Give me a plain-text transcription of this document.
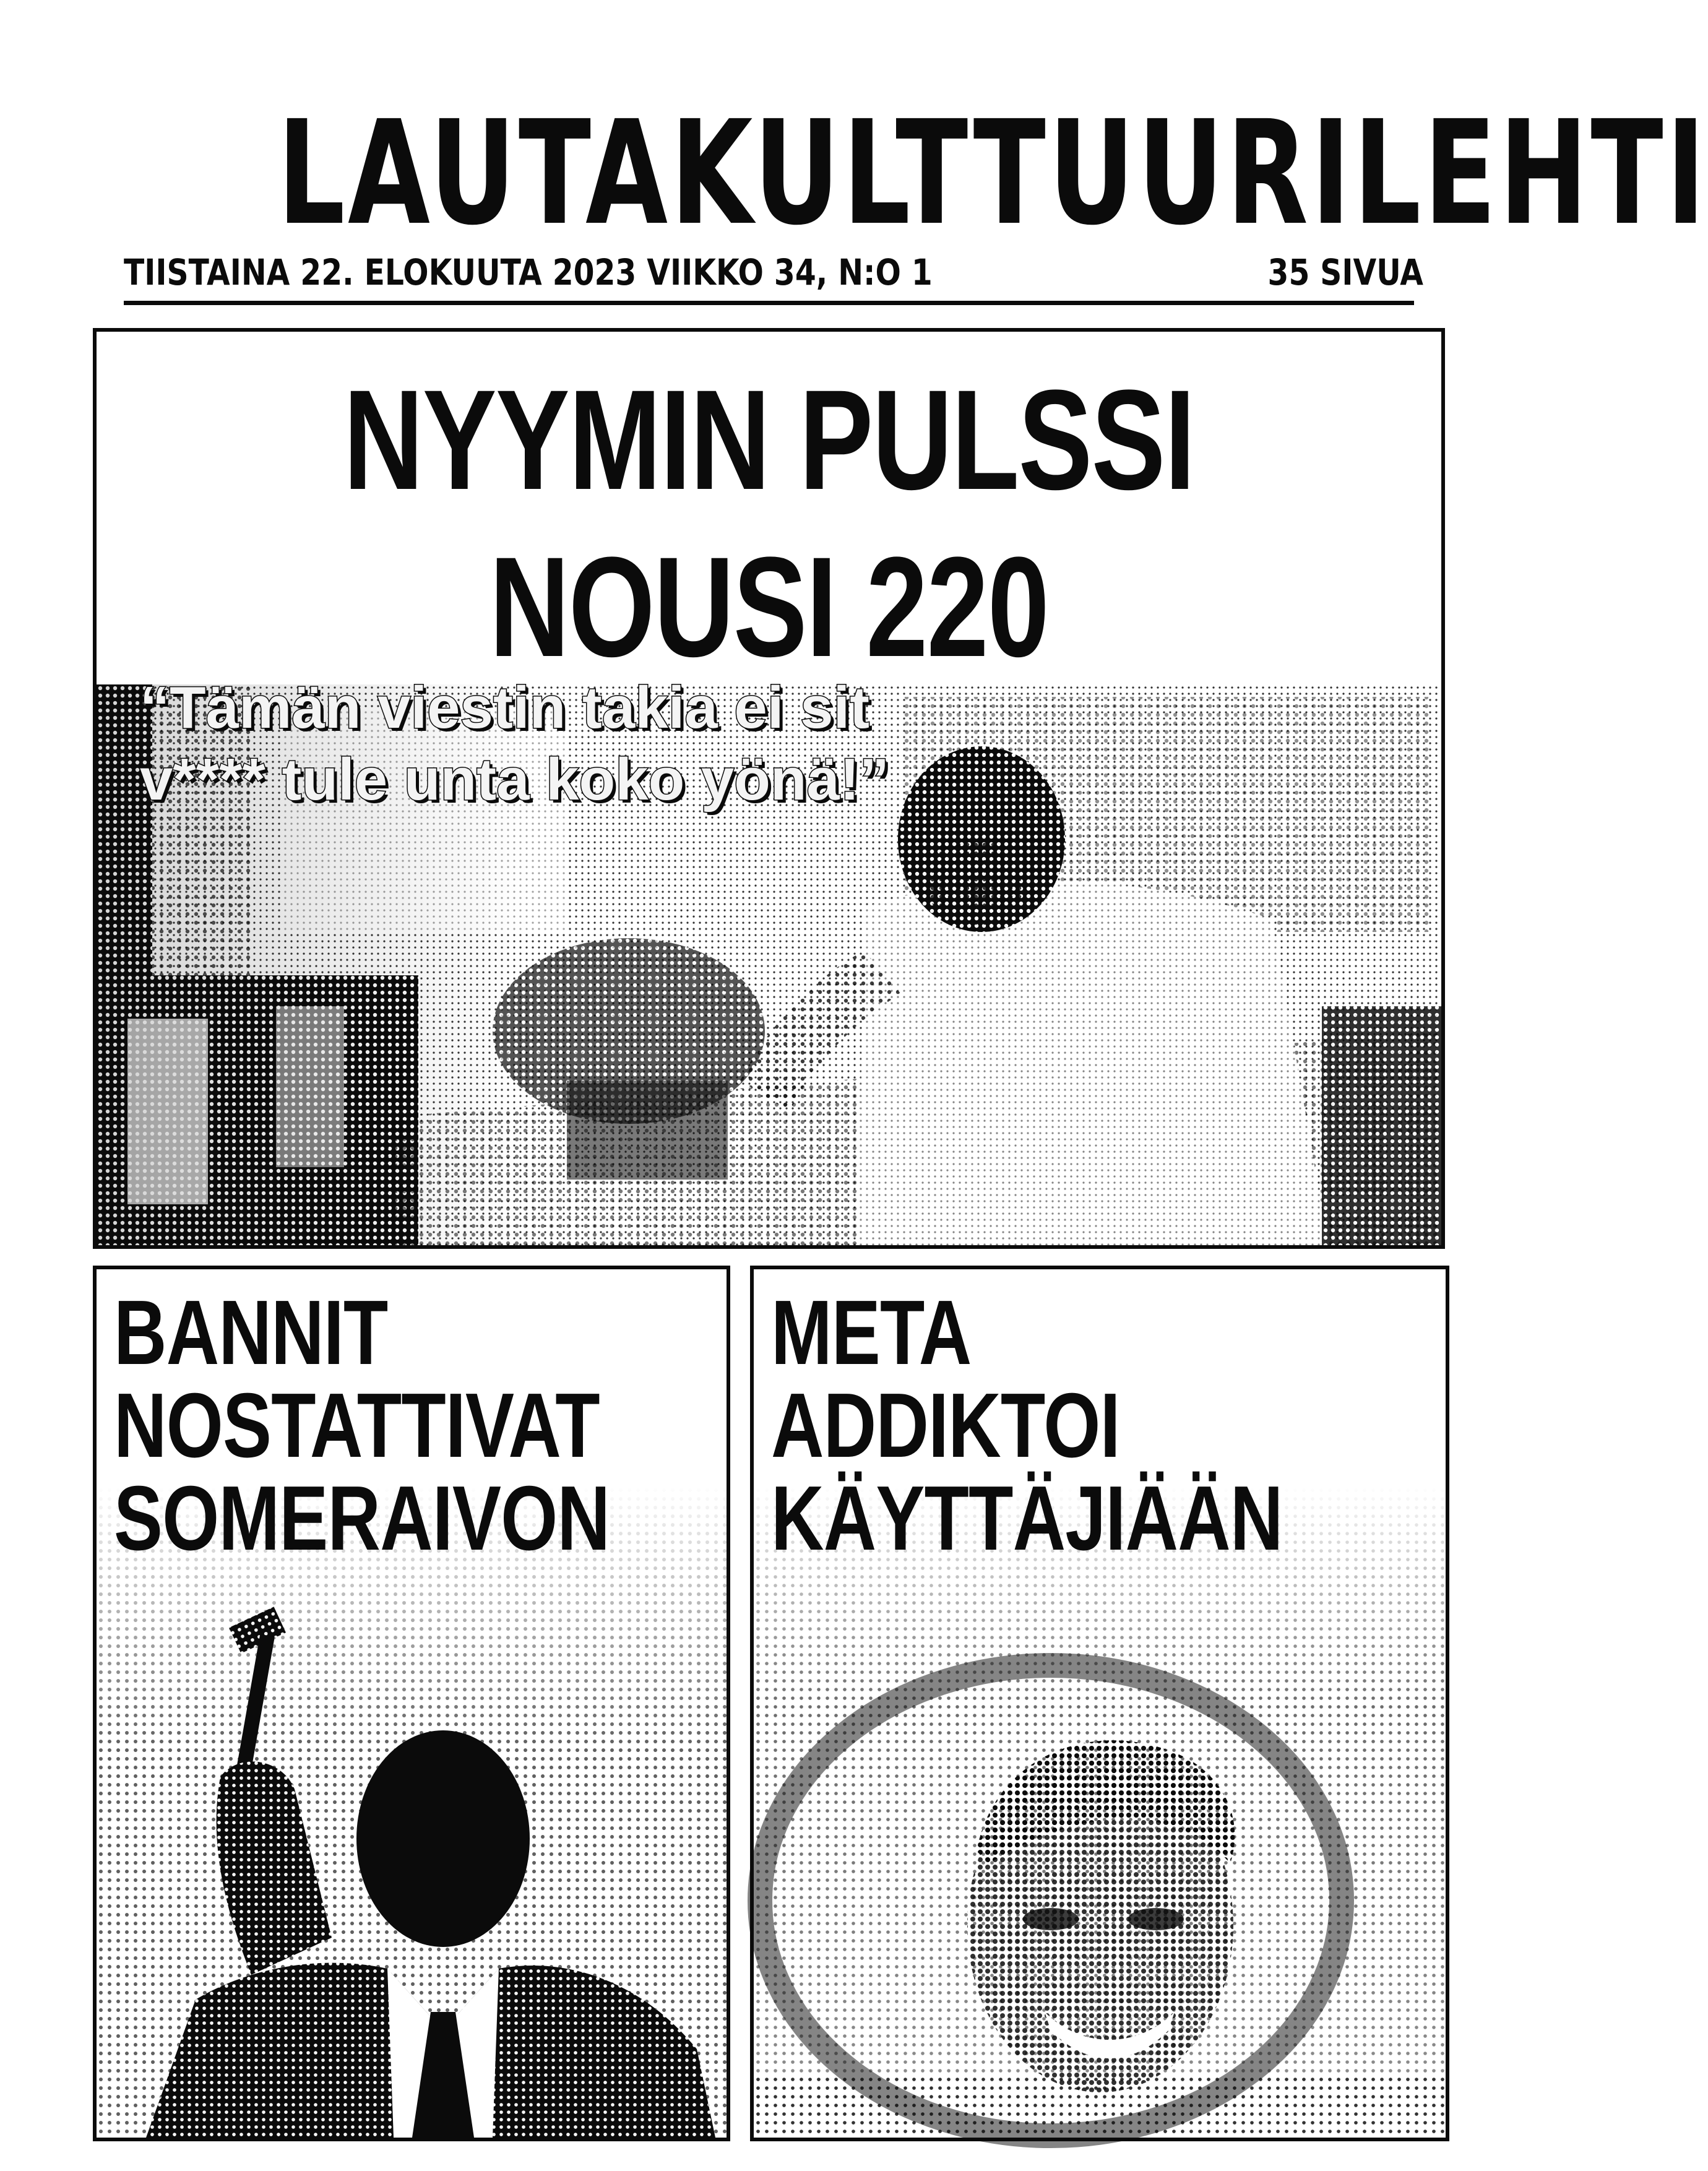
LAUTAKULTTUURILEHTI
TIISTAINA 22. ELOKUUTA 2023 VIIKKO 34, N:O 1	35 SIVUA
NYYMIN PULSSI
NOUSI 220
“Tämän viestin takia ei sit
v**** tule unta koko yönä!”
BANNIT
NOSTATTIVAT
SOMERAIVON
META
ADDIKTOI
KÄYTTÄJIÄÄN
